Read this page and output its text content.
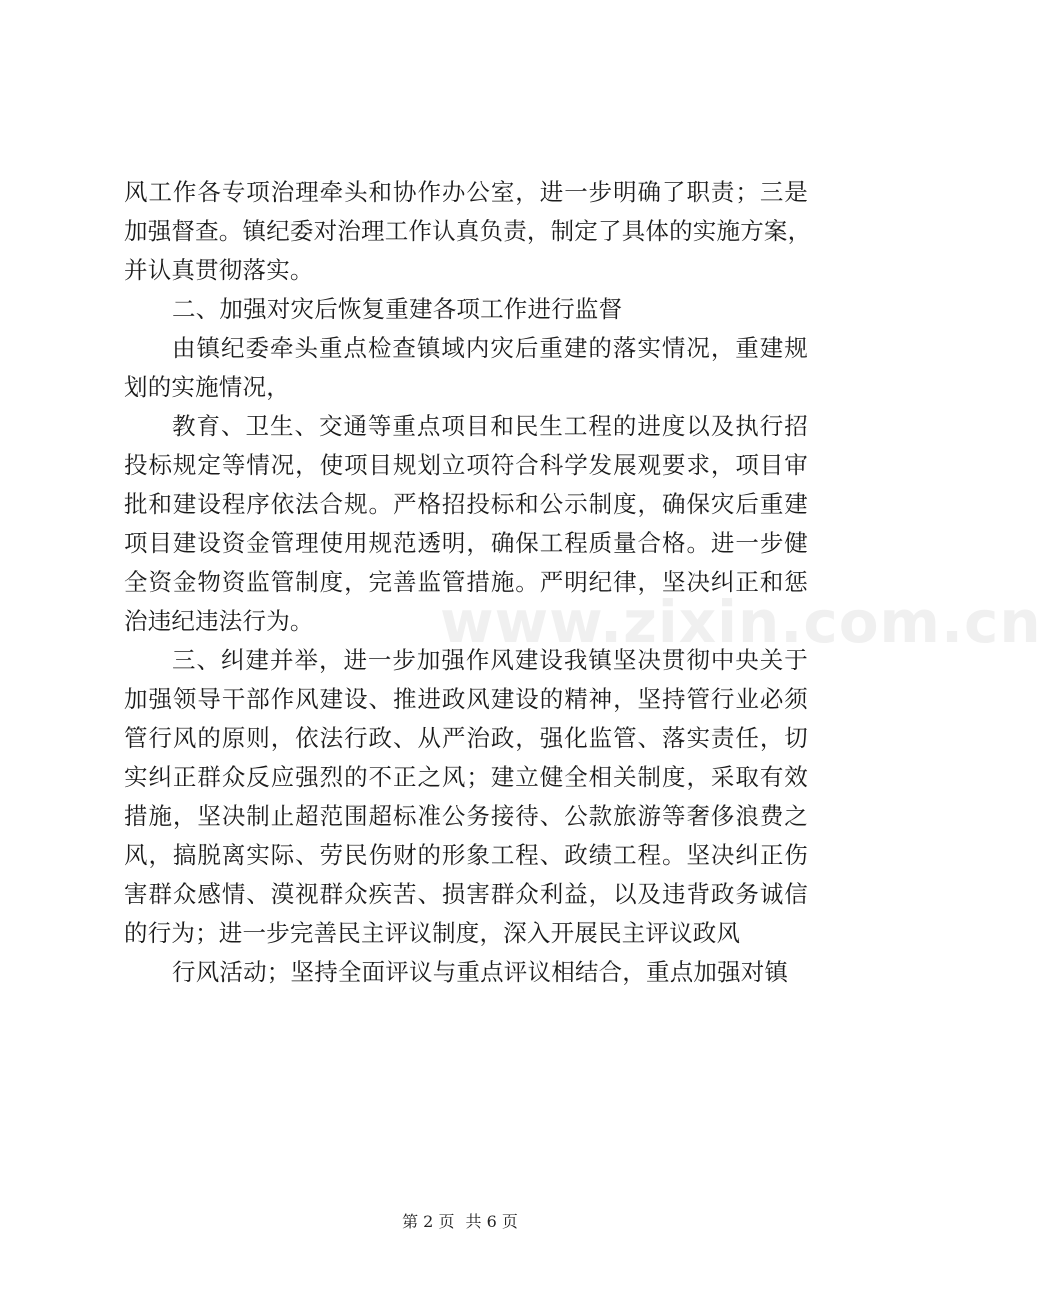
风工作各专项治理牵头和协作办公室，进一步明确了职责；三是
加强督查。镇纪委对治理工作认真负责，制定了具体的实施方案，
并认真贯彻落实。
二、加强对灾后恢复重建各项工作进行监督
由镇纪委牵头重点检查镇域内灾后重建的落实情况，重建规
划的实施情况，
教育、卫生、交通等重点项目和民生工程的进度以及执行招
投标规定等情况，使项目规划立项符合科学发展观要求，项目审
批和建设程序依法合规。严格招投标和公示制度，确保灾后重建
项目建设资金管理使用规范透明，确保工程质量合格。进一步健
全资金物资监管制度，完善监管措施。严明纪律，坚决纠正和惩
治违纪违法行为。
三、纠建并举，进一步加强作风建设我镇坚决贯彻中央关于
加强领导干部作风建设、推进政风建设的精神，坚持管行业必须
管行风的原则，依法行政、从严治政，强化监管、落实责任，切
实纠正群众反应强烈的不正之风；建立健全相关制度，采取有效
措施，坚决制止超范围超标准公务接待、公款旅游等奢侈浪费之
风，搞脱离实际、劳民伤财的形象工程、政绩工程。坚决纠正伤
害群众感情、漠视群众疾苦、损害群众利益，以及违背政务诚信
的行为；进一步完善民主评议制度，深入开展民主评议政风
行风活动；坚持全面评议与重点评议相结合，重点加强对镇
www.zixin.com.cn
第 2 页 共 6 页
